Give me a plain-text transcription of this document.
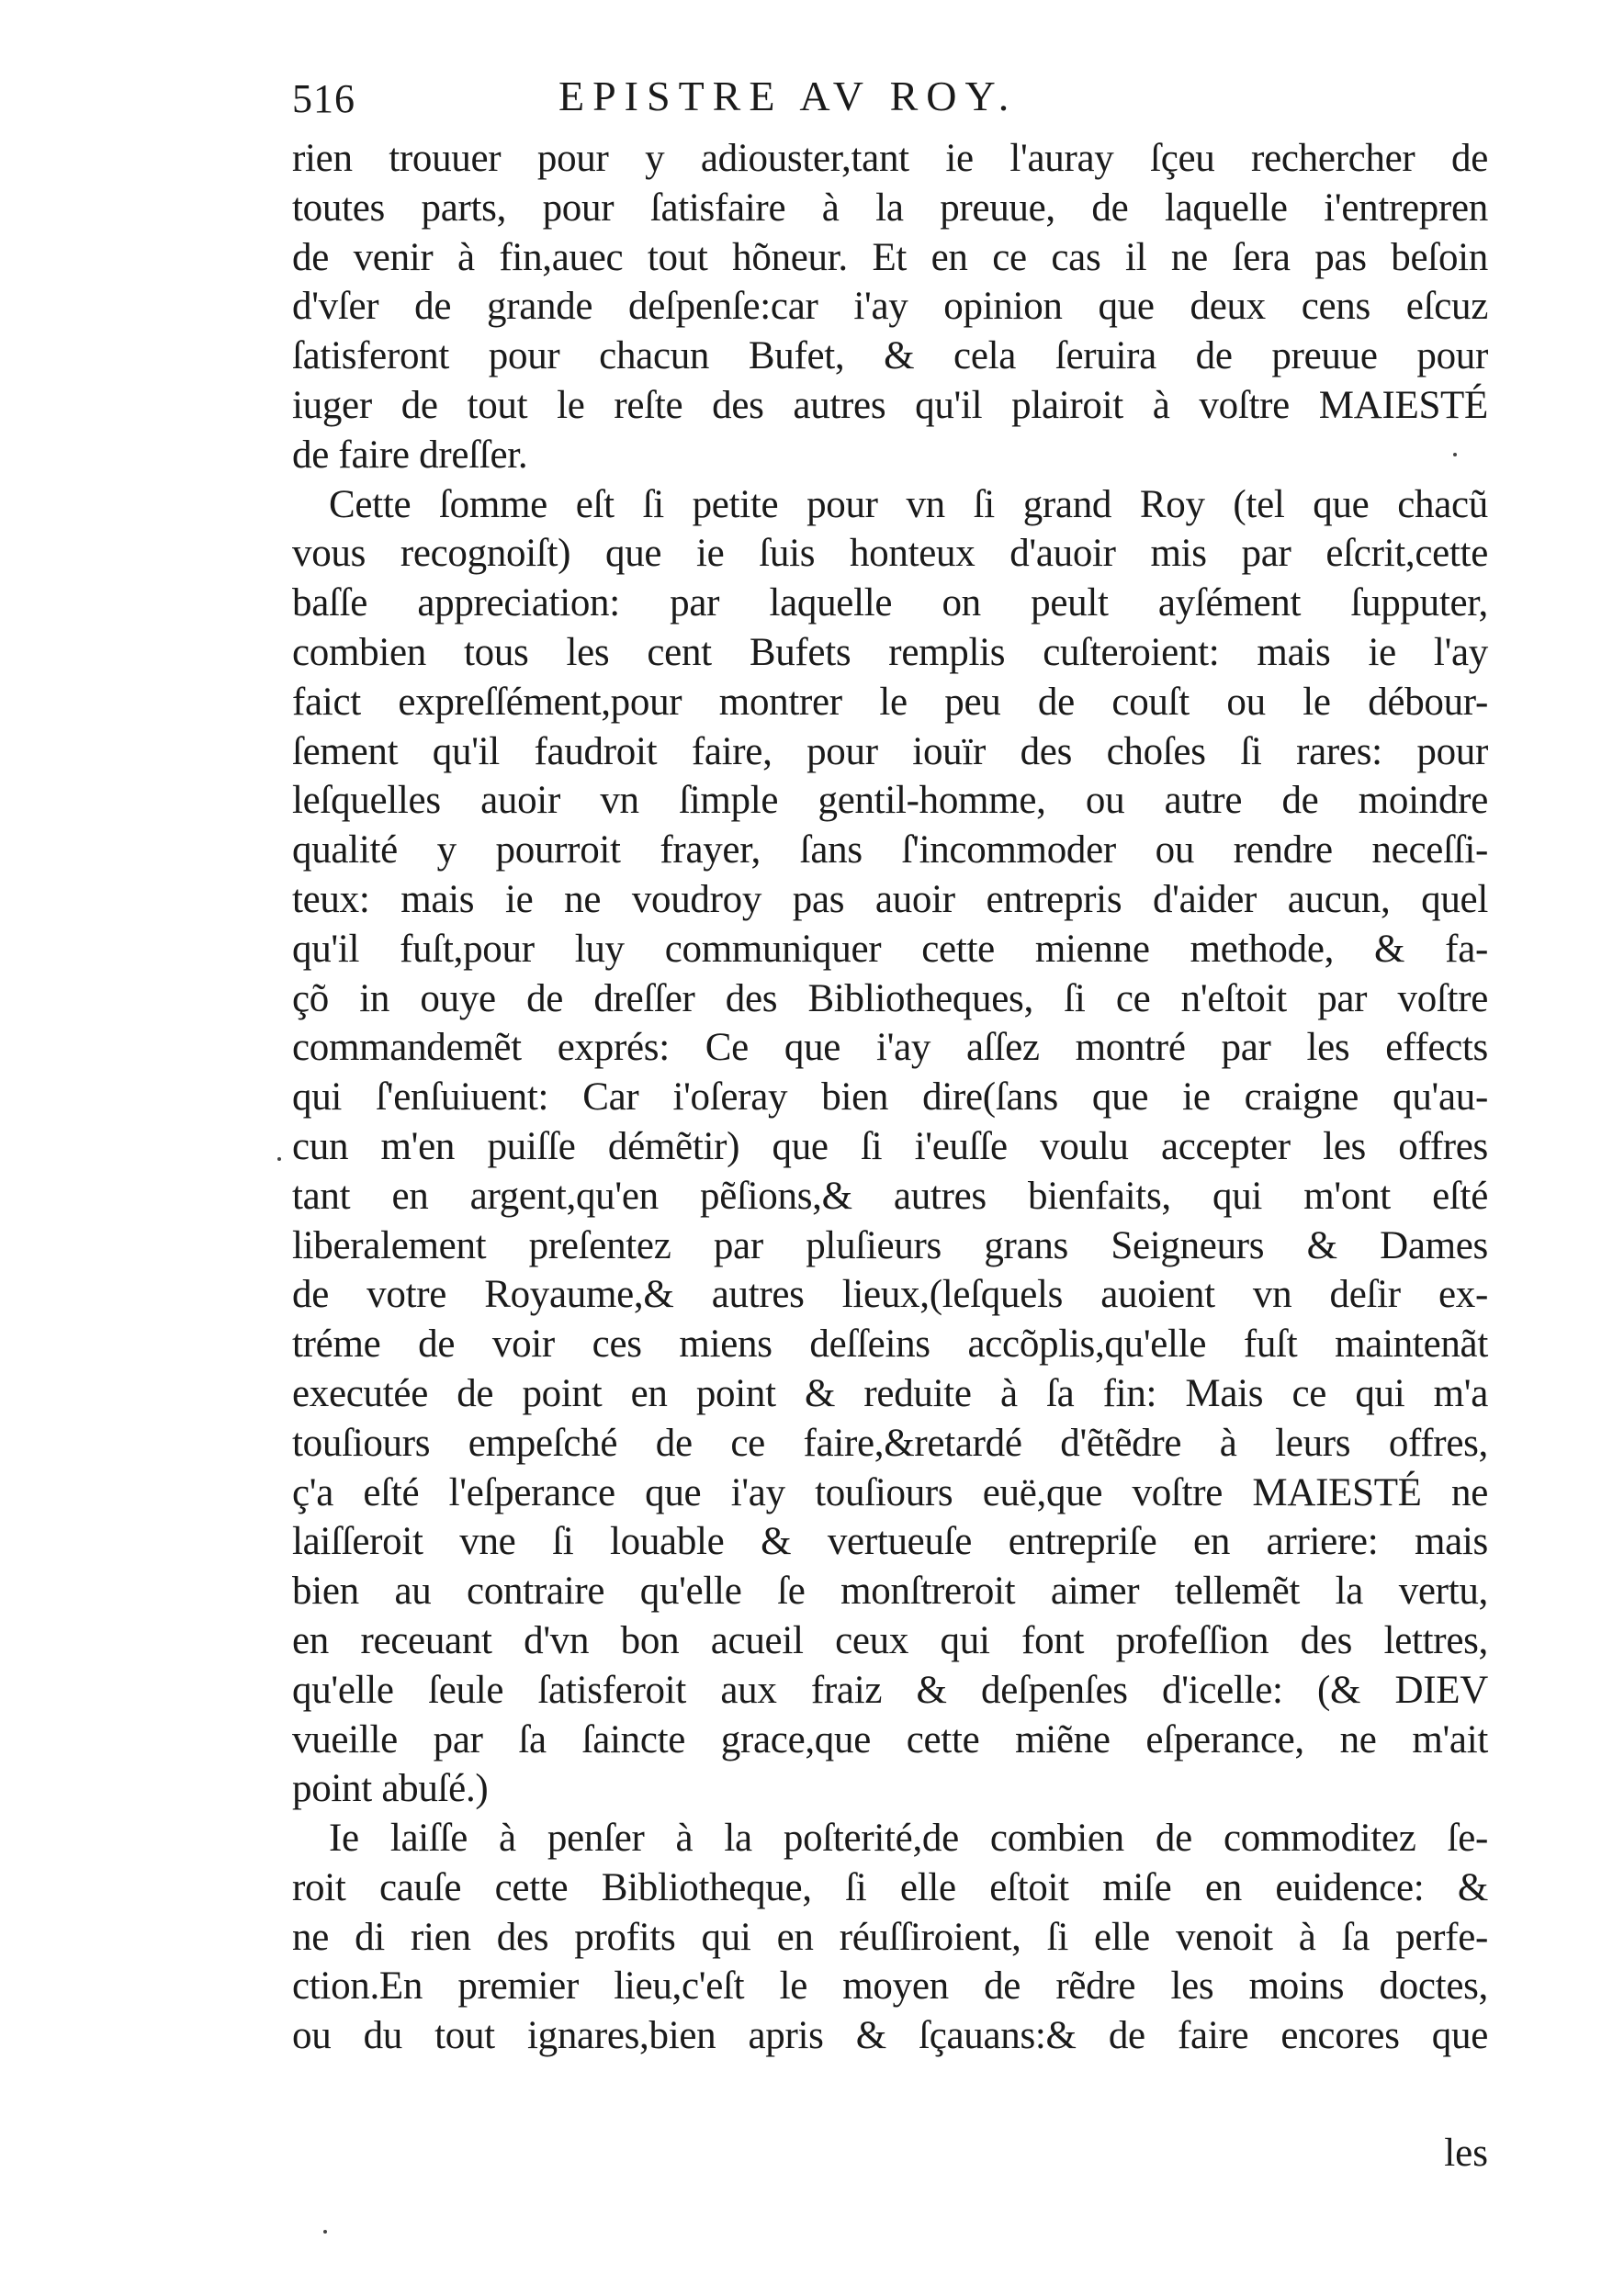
516	EPISTRE AV ROY.
rien trouuer pour y adiouster,tant ie l'auray ſçeu rechercher de
toutes parts, pour ſatisfaire à la preuue, de laquelle i'entrepren
de venir à fin,auec tout hõneur. Et en ce cas il ne ſera pas beſoin
d'vſer de grande deſpenſe:car i'ay opinion que deux cens eſcuz
ſatisferont pour chacun Bufet, & cela ſeruira de preuue pour
iuger de tout le reſte des autres qu'il plairoit à voſtre MAIESTÉ
de faire dreſſer.
Cette ſomme eſt ſi petite pour vn ſi grand Roy (tel que chacũ
vous recognoiſt) que ie ſuis honteux d'auoir mis par eſcrit,cette
baſſe appreciation: par laquelle on peult ayſément ſupputer,
combien tous les cent Bufets remplis cuſteroient: mais ie l'ay
faict expreſſément,pour montrer le peu de couſt ou le débour-
ſement qu'il faudroit faire, pour iouïr des choſes ſi rares: pour
leſquelles auoir vn ſimple gentil-homme, ou autre de moindre
qualité y pourroit frayer, ſans ſ'incommoder ou rendre neceſſi-
teux: mais ie ne voudroy pas auoir entrepris d'aider aucun, quel
qu'il fuſt,pour luy communiquer cette mienne methode, & fa-
çõ in ouye de dreſſer des Bibliotheques, ſi ce n'eſtoit par voſtre
commandemẽt exprés: Ce que i'ay aſſez montré par les effects
qui ſ'enſuiuent: Car i'oſeray bien dire(ſans que ie craigne qu'au-
cun m'en puiſſe démẽtir) que ſi i'euſſe voulu accepter les offres
tant en argent,qu'en pẽſions,& autres bienfaits, qui m'ont eſté
liberalement preſentez par pluſieurs grans Seigneurs & Dames
de votre Royaume,& autres lieux,(leſquels auoient vn deſir ex-
tréme de voir ces miens deſſeins accõplis,qu'elle fuſt maintenãt
executée de point en point & reduite à ſa fin: Mais ce qui m'a
touſiours empeſché de ce faire,&retardé d'ẽtẽdre à leurs offres,
ç'a eſté l'eſperance que i'ay touſiours euë,que voſtre MAIESTÉ ne
laiſſeroit vne ſi louable & vertueuſe entrepriſe en arriere: mais
bien au contraire qu'elle ſe monſtreroit aimer tellemẽt la vertu,
en receuant d'vn bon acueil ceux qui font profeſſion des lettres,
qu'elle ſeule ſatisferoit aux fraiz & deſpenſes d'icelle: (& DIEV
vueille par ſa ſaincte grace,que cette miẽne eſperance, ne m'ait
point abuſé.)
Ie laiſſe à penſer à la poſterité,de combien de commoditez ſe-
roit cauſe cette Bibliotheque, ſi elle eſtoit miſe en euidence: &
ne di rien des profits qui en réuſſiroient, ſi elle venoit à ſa perfe-
ction.En premier lieu,c'eſt le moyen de rẽdre les moins doctes,
ou du tout ignares,bien apris & ſçauans:& de faire encores que
les
